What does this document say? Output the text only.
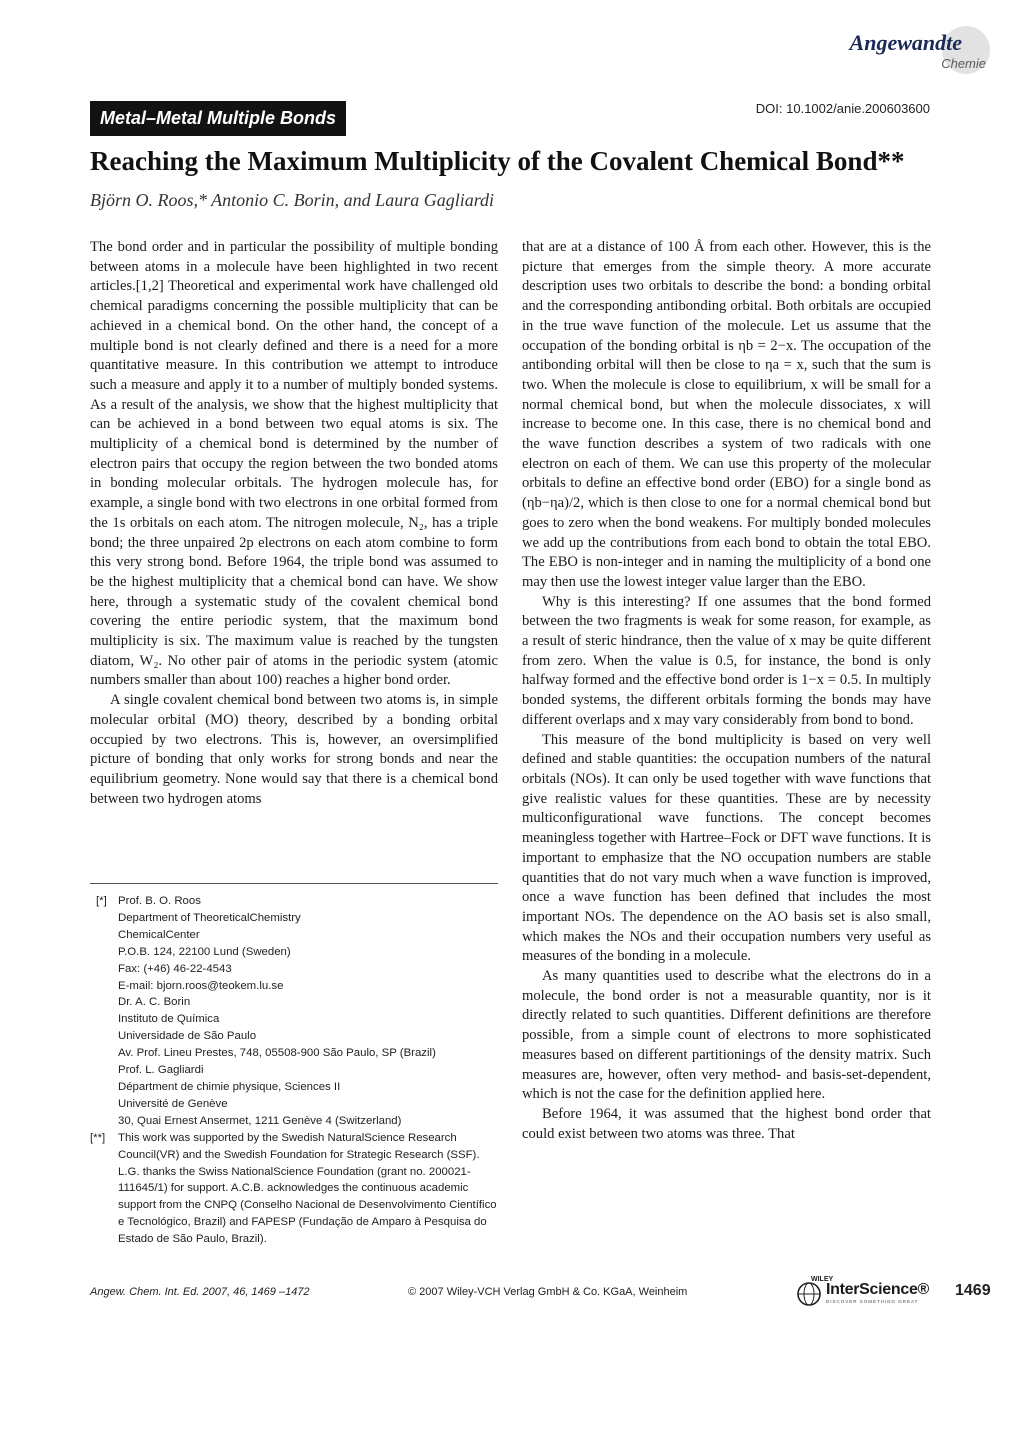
Angewandte
Chemie
Metal–Metal Multiple Bonds	DOI: 10.1002/anie.200603600
Reaching the Maximum Multiplicity of the Covalent Chemical Bond**
Björn O. Roos,* Antonio C. Borin, and Laura Gagliardi

The bond order and in particular the possibility of multiple bonding between atoms in a molecule have been highlighted in two recent articles.[1,2] Theoretical and experimental work have challenged old chemical paradigms concerning the possible multiplicity that can be achieved in a chemical bond. On the other hand, the concept of a multiple bond is not clearly defined and there is a need for a more quantitative measure. In this contribution we attempt to introduce such a measure and apply it to a number of multiply bonded systems. As a result of the analysis, we show that the highest multiplicity that can be achieved in a bond between two equal atoms is six. The multiplicity of a chemical bond is determined by the number of electron pairs that occupy the region between the two bonded atoms in bonding molecular orbitals. The hydrogen molecule has, for example, a single bond with two electrons in one orbital formed from the 1s orbitals on each atom. The nitrogen molecule, N₂, has a triple bond; the three unpaired 2p electrons on each atom combine to form this very strong bond. Before 1964, the triple bond was assumed to be the highest multiplicity that a chemical bond can have. We show here, through a systematic study of the covalent chemical bond covering the entire periodic system, that the maximum bond multiplicity is six. The maximum value is reached by the tungsten diatom, W₂. No other pair of atoms in the periodic system (atomic numbers smaller than about 100) reaches a higher bond order.

A single covalent chemical bond between two atoms is, in simple molecular orbital (MO) theory, described by a bonding orbital occupied by two electrons. This is, however, an oversimplified picture of bonding that only works for strong bonds and near the equilibrium geometry. None would say that there is a chemical bond between two hydrogen atoms

that are at a distance of 100 Å from each other. However, this is the picture that emerges from the simple theory. A more accurate description uses two orbitals to describe the bond: a bonding orbital and the corresponding antibonding orbital. Both orbitals are occupied in the true wave function of the molecule. Let us assume that the occupation of the bonding orbital is ηb = 2−x. The occupation of the antibonding orbital will then be close to ηa = x, such that the sum is two. When the molecule is close to equilibrium, x will be small for a normal chemical bond, but when the molecule dissociates, x will increase to become one. In this case, there is no chemical bond and the wave function describes a system of two radicals with one electron on each of them. We can use this property of the molecular orbitals to define an effective bond order (EBO) for a single bond as (ηb−ηa)/2, which is then close to one for a normal chemical bond but goes to zero when the bond weakens. For multiply bonded molecules we add up the contributions from each bond to obtain the total EBO. The EBO is non-integer and in naming the multiplicity of a bond one may then use the lowest integer value larger than the EBO.

Why is this interesting? If one assumes that the bond formed between the two fragments is weak for some reason, for example, as a result of steric hindrance, then the value of x may be quite different from zero. When the value is 0.5, for instance, the bond is only halfway formed and the effective bond order is 1−x = 0.5. In multiply bonded systems, the different orbitals forming the bonds may have different overlaps and x may vary considerably from bond to bond.

This measure of the bond multiplicity is based on very well defined and stable quantities: the occupation numbers of the natural orbitals (NOs). It can only be used together with wave functions that give realistic values for these quantities. These are by necessity multiconfigurational wave functions. The concept becomes meaningless together with Hartree–Fock or DFT wave functions. It is important to emphasize that the NO occupation numbers are stable quantities that do not vary much when a wave function is improved, once a wave function has been defined that includes the most important NOs. The dependence on the AO basis set is also small, which makes the NOs and their occupation numbers very useful as measures of the bonding in a molecule.

As many quantities used to describe what the electrons do in a molecule, the bond order is not a measurable quantity, nor is it directly related to such quantities. Different definitions are therefore possible, from a simple count of electrons to more sophisticated measures based on different partitionings of the density matrix. Such measures are, however, often very method- and basis-set-dependent, which is not the case for the definition applied here.

Before 1964, it was assumed that the highest bond order that could exist between two atoms was three. That

[*] Prof. B. O. Roos
Department of TheoreticalChemistry
ChemicalCenter
P.O.B. 124, 22100 Lund (Sweden)
Fax: (+46) 46-22-4543
E-mail: bjorn.roos@teokem.lu.se
Dr. A. C. Borin
Instituto de Química
Universidade de São Paulo
Av. Prof. Lineu Prestes, 748, 05508-900 São Paulo, SP (Brazil)
Prof. L. Gagliardi
Départment de chimie physique, Sciences II
Université de Genève
30, Quai Ernest Ansermet, 1211 Genève 4 (Switzerland)
[**] This work was supported by the Swedish NaturalScience Research Council(VR) and the Swedish Foundation for Strategic Research (SSF). L.G. thanks the Swiss NationalScience Foundation (grant no. 200021-111645/1) for support. A.C.B. acknowledges the continuous academic support from the CNPQ (Conselho Nacional de Desenvolvimento Científico e Tecnológico, Brazil) and FAPESP (Fundação de Amparo à Pesquisa do Estado de São Paulo, Brazil).
Angew. Chem. Int. Ed. 2007, 46, 1469 –1472	© 2007 Wiley-VCH Verlag GmbH & Co. KGaA, Weinheim
WILEY
InterScience®
DISCOVER SOMETHING GREAT
1469
